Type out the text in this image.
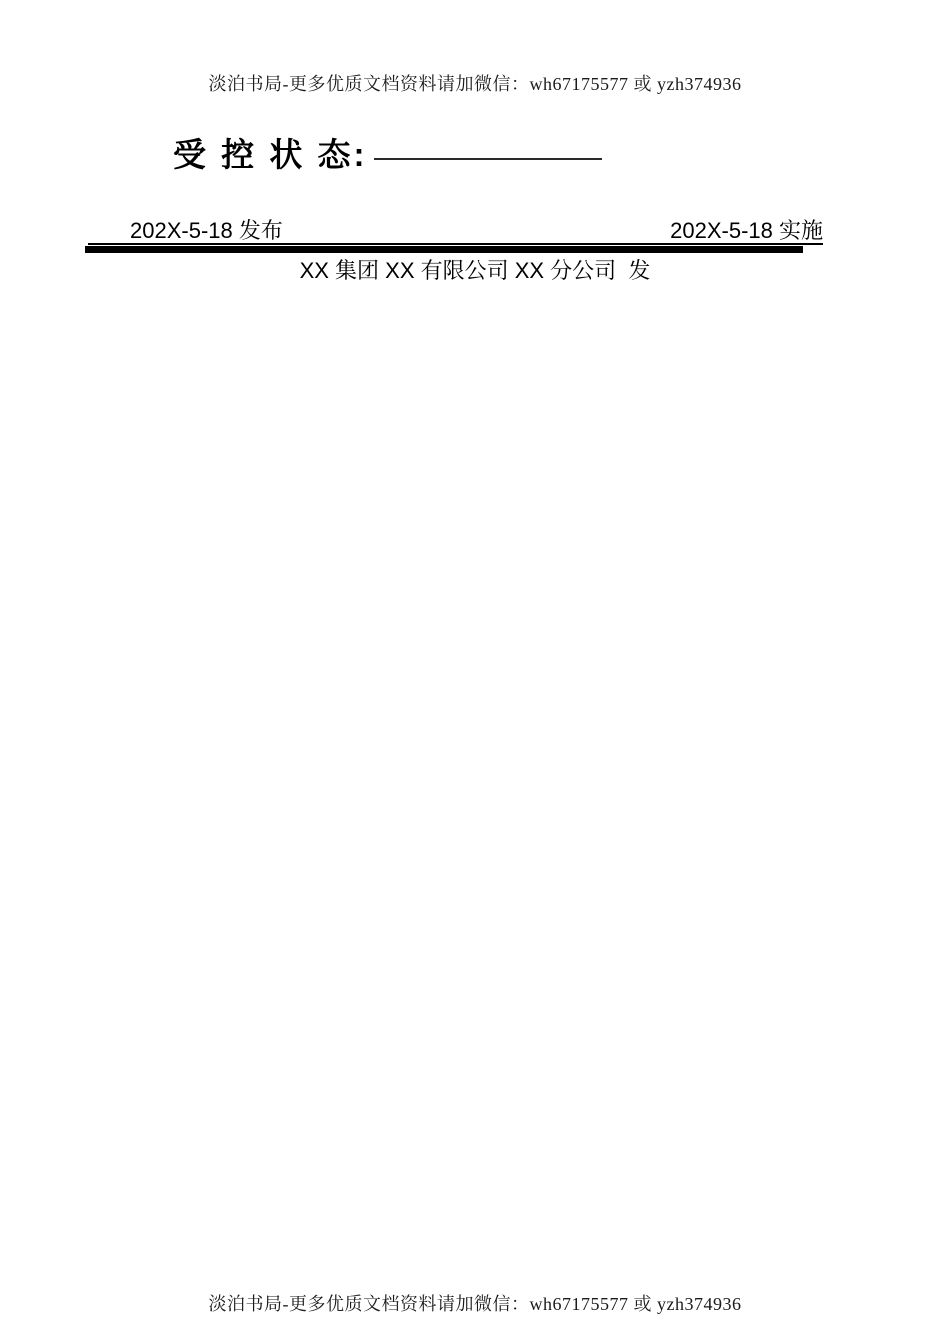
淡泊书局-更多优质文档资料请加微信：wh67175577 或 yzh374936
受 控 状 态:
202X-5-18 发布	202X-5-18 实施
XX 集团 XX 有限公司 XX 分公司  发
淡泊书局-更多优质文档资料请加微信：wh67175577 或 yzh374936
